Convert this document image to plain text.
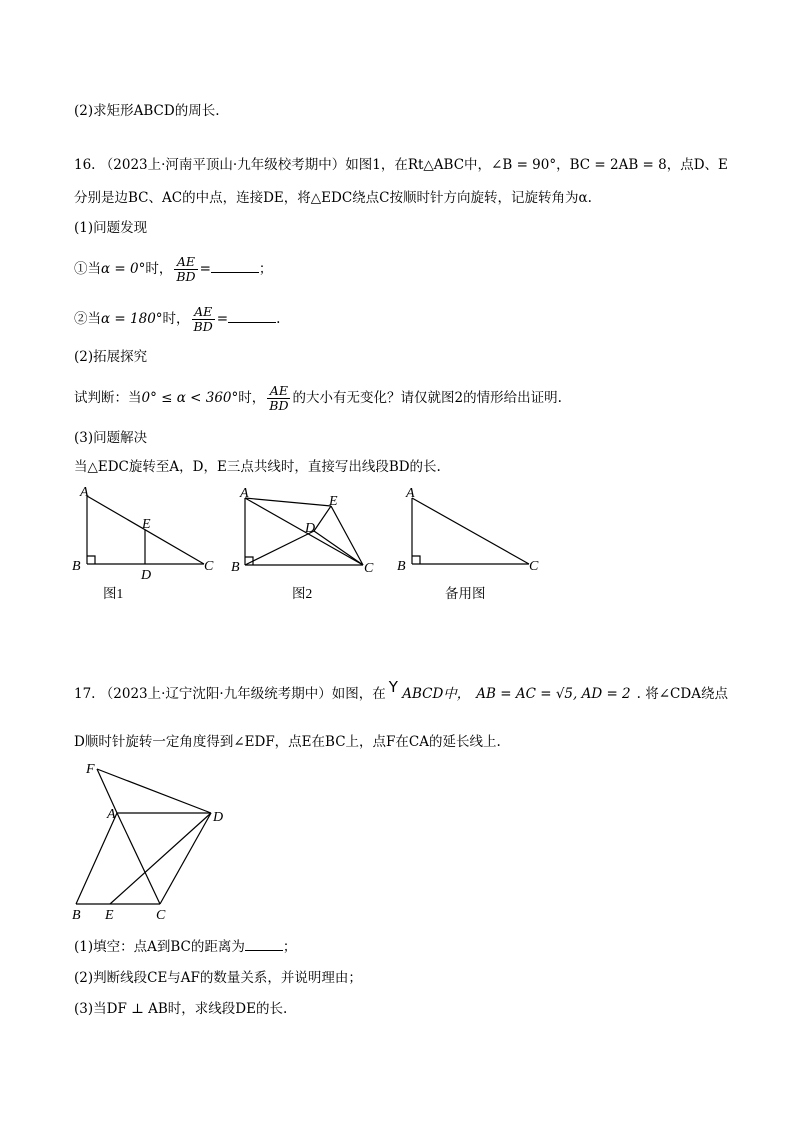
(2)求矩形ABCD的周长.
16. （2023上·河南平顶山·九年级校考期中）如图1，在Rt△ABC中，∠B = 90°，BC = 2AB = 8，点D、E
分别是边BC、AC的中点，连接DE，将△EDC绕点C按顺时针方向旋转，记旋转角为α.
(1)问题发现
①当α = 0°时， $\frac{AE}{BD}$ =	；
②当α = 180°时， $\frac{AE}{BD}$ =	.
(2)拓展探究
试判断：当0° ≤ α < 360°时， $\frac{AE}{BD}$ 的大小有无变化？请仅就图2的情形给出证明.
(3)问题解决
当△EDC旋转至A，D，E三点共线时，直接写出线段BD的长.
A
B	C
D
E
图1
A
B	C
D
E
图2
A
B	C
备用图
17. （2023上·辽宁沈阳·九年级统考期中）如图，在 Y ABCD中， AB = AC = √5, AD = 2 . 将∠CDA绕点
D顺时针旋转一定角度得到∠EDF，点E在BC上，点F在CA的延长线上.
F
A	D
B E	C
(1)填空：点A到BC的距离为	；
(2)判断线段CE与AF的数量关系，并说明理由；
(3)当DF ⊥ AB时，求线段DE的长.
